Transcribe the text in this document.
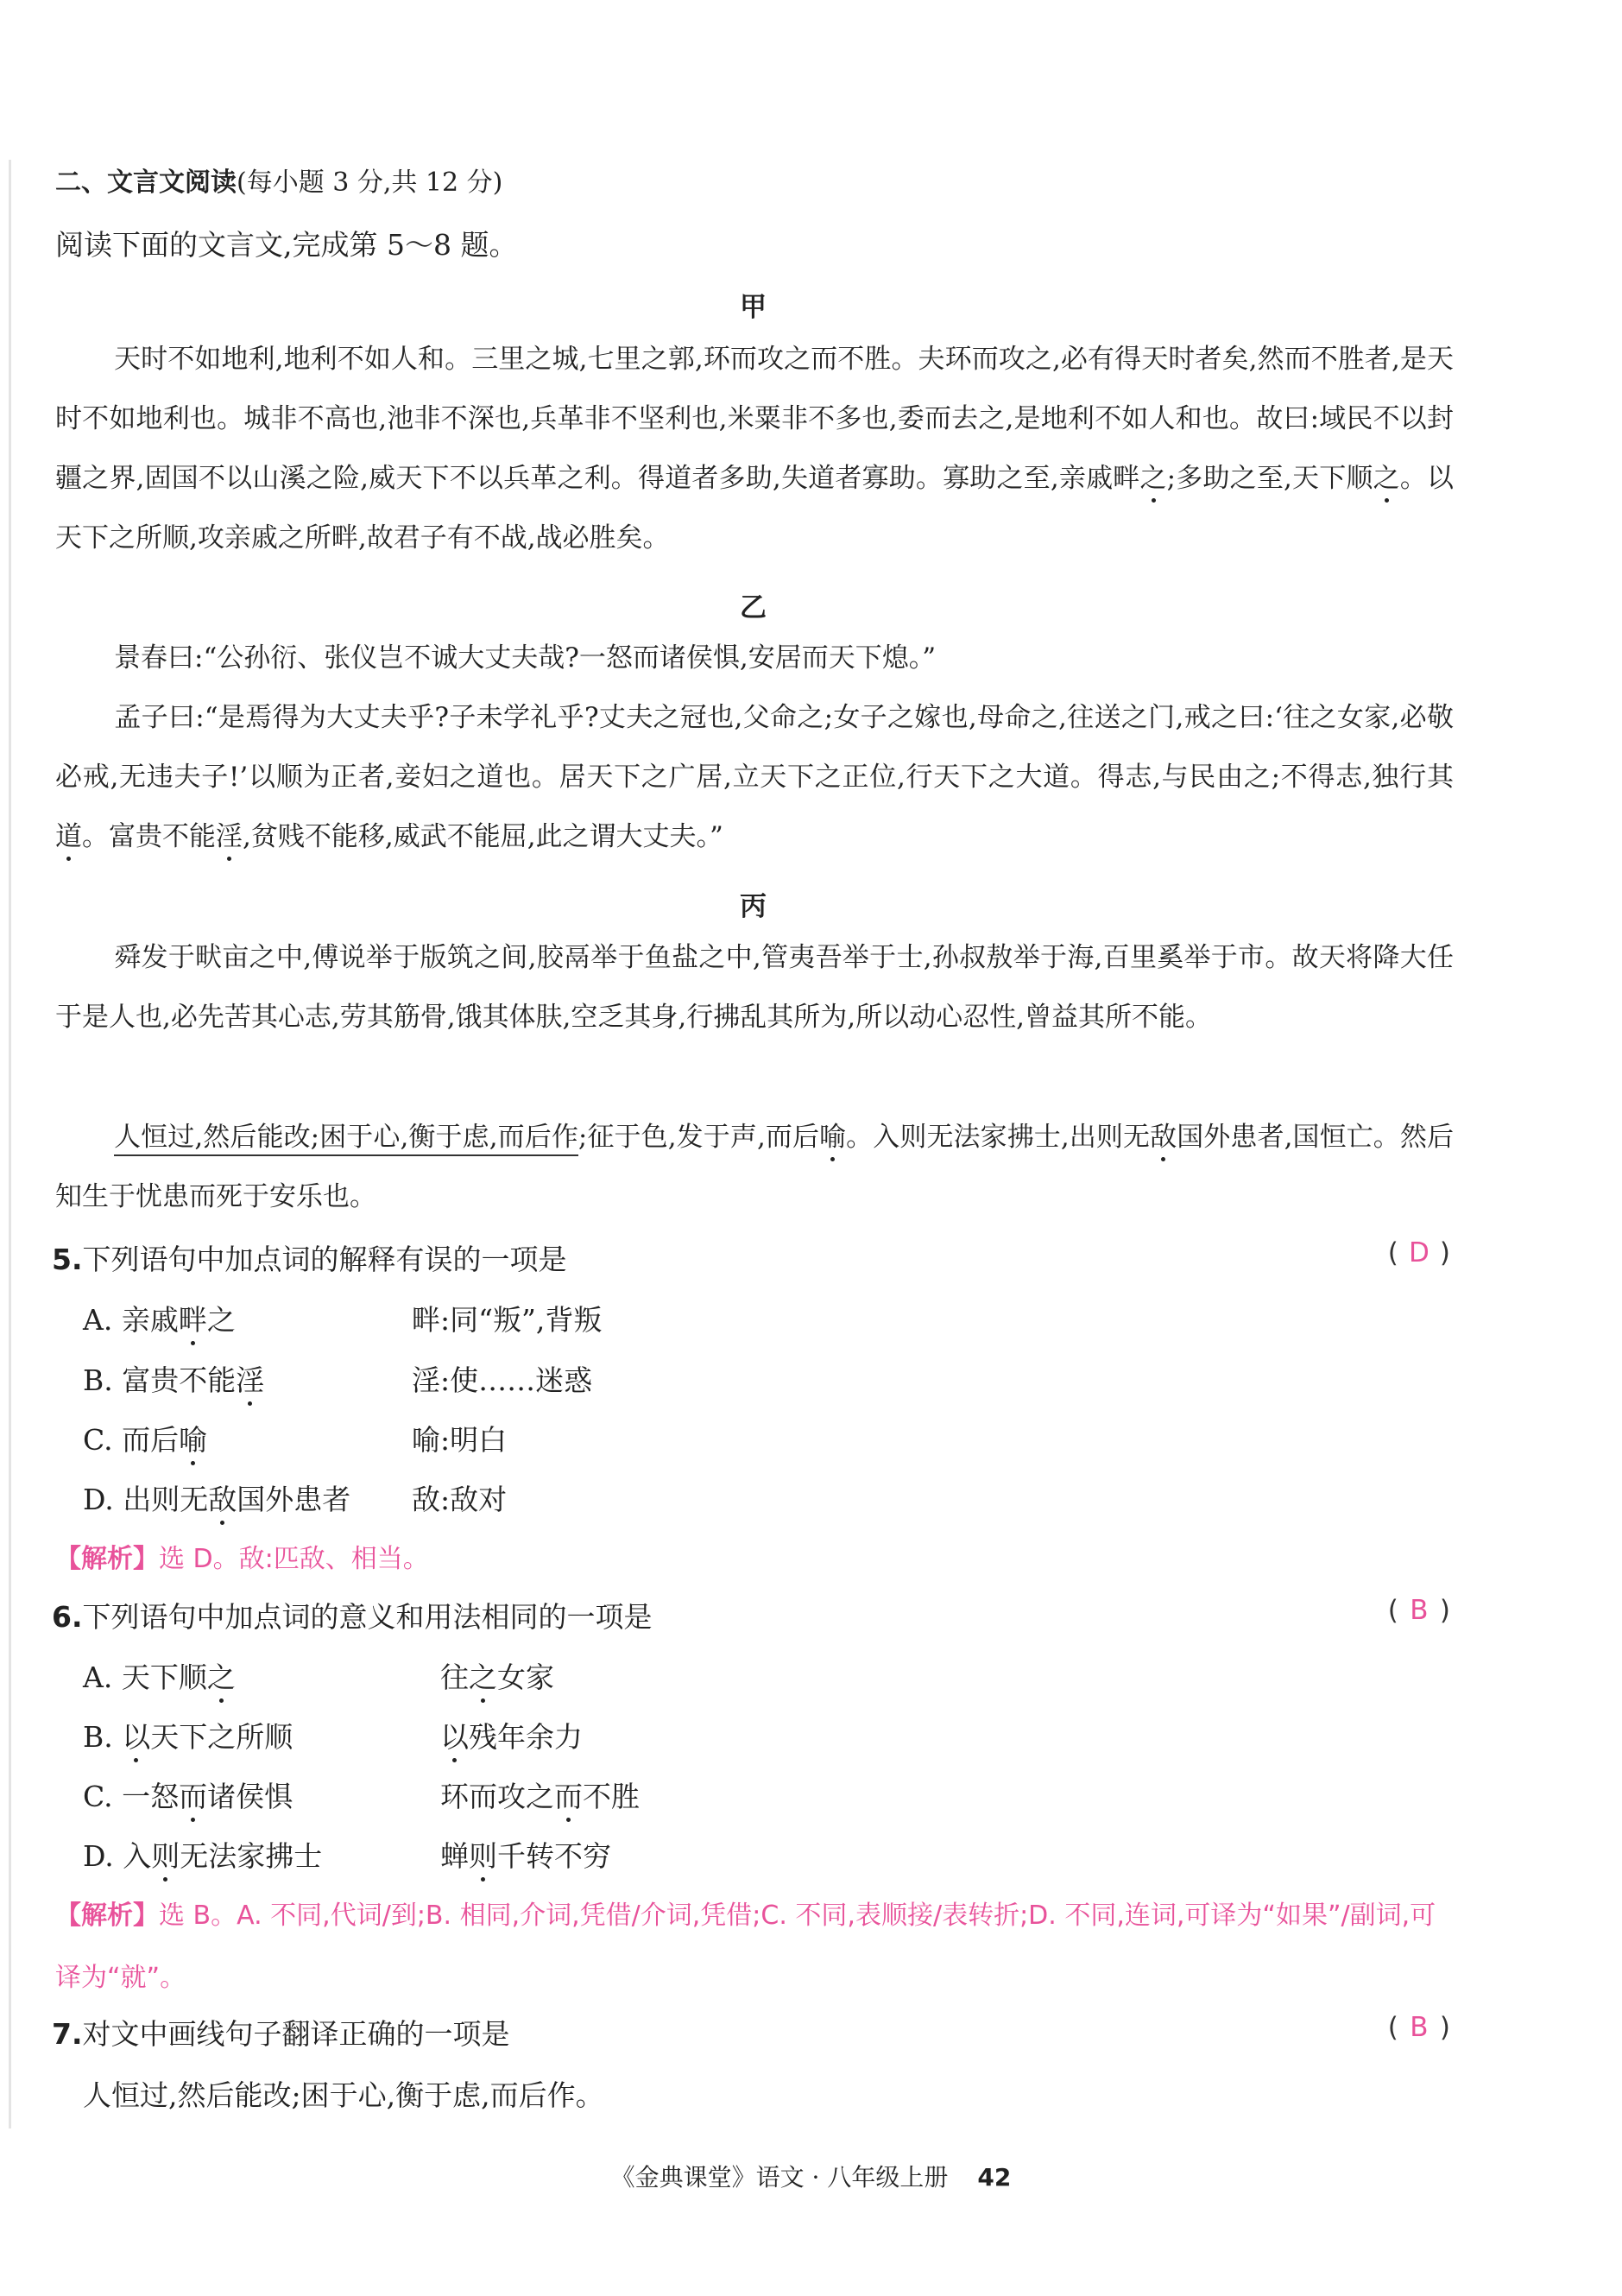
二、文言文阅读(每小题 3 分,共 12 分)
阅读下面的文言文,完成第 5～8 题。
甲

天时不如地利,地利不如人和。三里之城,七里之郭,环而攻之而不胜。夫环而攻之,必有得天时者矣,然而不胜者,是天时不如地利也。城非不高也,池非不深也,兵革非不坚利也,米粟非不多也,委而去之,是地利不如人和也。故曰:域民不以封疆之界,固国不以山溪之险,威天下不以兵革之利。得道者多助,失道者寡助。寡助之至,亲戚畔之;多助之至,天下顺之。以天下之所顺,攻亲戚之所畔,故君子有不战,战必胜矣。

乙

景春曰:“公孙衍、张仪岂不诚大丈夫哉?一怒而诸侯惧,安居而天下熄。”

孟子曰:“是焉得为大丈夫乎?子未学礼乎?丈夫之冠也,父命之;女子之嫁也,母命之,往送之门,戒之曰:‘往之女家,必敬必戒,无违夫子!’以顺为正者,妾妇之道也。居天下之广居,立天下之正位,行天下之大道。得志,与民由之;不得志,独行其道。富贵不能淫,贫贱不能移,威武不能屈,此之谓大丈夫。”

丙

舜发于畎亩之中,傅说举于版筑之间,胶鬲举于鱼盐之中,管夷吾举于士,孙叔敖举于海,百里奚举于市。故天将降大任于是人也,必先苦其心志,劳其筋骨,饿其体肤,空乏其身,行拂乱其所为,所以动心忍性,曾益其所不能。

人恒过,然后能改;困于心,衡于虑,而后作;征于色,发于声,而后喻。入则无法家拂士,出则无敌国外患者,国恒亡。然后知生于忧患而死于安乐也。

5.下列语句中加点词的解释有误的一项是	( D )
A. 亲戚畔之	畔:同“叛”,背叛
B. 富贵不能淫	淫:使……迷惑
C. 而后喻	喻:明白
D. 出则无敌国外患者 敌:敌对
【解析】选 D。敌:匹敌、相当。
6.下列语句中加点词的意义和用法相同的一项是	( B )
A. 天下顺之	往之女家
B. 以天下之所顺	以残年余力
C. 一怒而诸侯惧	环而攻之而不胜
D. 入则无法家拂士	蝉则千转不穷
【解析】选 B。A. 不同,代词/到;B. 相同,介词,凭借/介词,凭借;C. 不同,表顺接/表转折;D. 不同,连词,可译为“如果”/副词,可译为“就”。
7.对文中画线句子翻译正确的一项是	( B )
人恒过,然后能改;困于心,衡于虑,而后作。
《金典课堂》语文 · 八年级上册 42
